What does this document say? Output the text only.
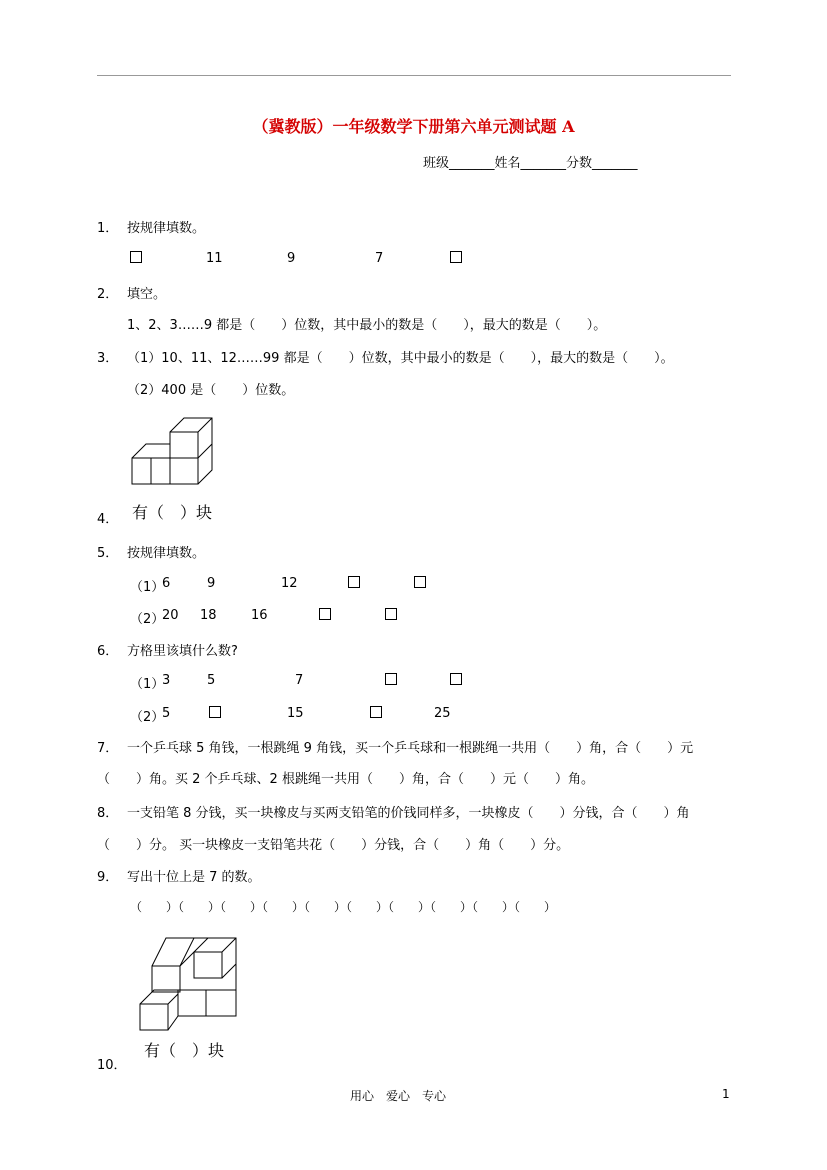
（冀教版）一年级数学下册第六单元测试题 A
班级_______姓名_______分数_______
1． 按规律填数。
11	9	7
2． 填空。
1、2、3……9 都是（　　）位数，其中最小的数是（　　），最大的数是（　　）。
3． （1）10、11、12……99 都是（　　）位数，其中最小的数是（　　），最大的数是（　　）。
（2）400 是（　　）位数。
4． 有（　）块
5． 按规律填数。
（1）
6	9	12
（2）
20 18	16
6． 方格里该填什么数?
（1）
3	5	7
（2）
5	15	25
7． 一个乒乓球 5 角钱，一根跳绳 9 角钱，买一个乒乓球和一根跳绳一共用（　　）角，合（　　）元
（　　）角。买 2 个乒乓球、2 根跳绳一共用（　　）角，合（　　）元（　　）角。
8． 一支铅笔 8 分钱，买一块橡皮与买两支铅笔的价钱同样多，一块橡皮（　　）分钱，合（　　）角
（　　）分。 买一块橡皮一支铅笔共花（　　）分钱，合（　　）角（　　）分。
9． 写出十位上是 7 的数。
（　　）（　　）（　　）（　　）（　　）（　　）（　　）（　　）（　　）（　　）
有（　）块
10．
用心　爱心　专心	1
